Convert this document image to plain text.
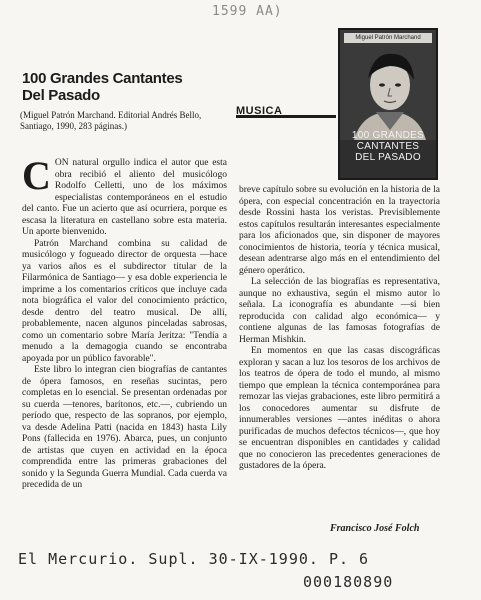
1599 AA)
100 Grandes Cantantes
Del Pasado

(Miguel Patrón Marchand. Editorial Andrés Bello, Santiago, 1990, 283 páginas.)

MUSICA
Miguel Patrón Marchand
100 GRANDES
CANTANTES
DEL PASADO

CON natural orgullo indica el autor que esta obra recibió el aliento del musicólogo Rodolfo Celletti, uno de los máximos especialistas contemporáneos en el estudio del canto. Fue un acierto que así ocurriera, porque es escasa la literatura en castellano sobre esta materia. Un aporte bienvenido.

Patrón Marchand combina su calidad de musicólogo y fogueado director de orquesta —hace ya varios años es el subdirector titular de la Filarmónica de Santiago— y esa doble experiencia le imprime a los comentarios críticos que incluye cada nota biográfica el valor del conocimiento práctico, desde dentro del teatro musical. De allí, probablemente, nacen algunos pinceladas sabrosas, como un comentario sobre María Jeritza: "Tendía a menudo a la demagogia cuando se encontraba apoyada por un público favorable".

Este libro lo integran cien biografías de cantantes de ópera famosos, en reseñas sucintas, pero completas en lo esencial. Se presentan ordenadas por su cuerda —tenores, barítonos, etc.—, cubriendo un período que, respecto de las sopranos, por ejemplo, va desde Adelina Patti (nacida en 1843) hasta Lily Pons (fallecida en 1976). Abarca, pues, un conjunto de artistas que cuyen en actividad en la época comprendida entre las primeras grabaciones del sonido y la Segunda Guerra Mundial. Cada cuerda va precedida de un

breve capítulo sobre su evolución en la historia de la ópera, con especial concentración en la trayectoria desde Rossini hasta los veristas. Previsiblemente estos capítulos resultarán interesantes especialmente para los aficionados que, sin disponer de mayores conocimientos de historia, teoría y técnica musical, desean adentrarse algo más en el entendimiento del género operático.

La selección de las biografías es representativa, aunque no exhaustiva, según el mismo autor lo señala. La iconografía es abundante —si bien reproducida con calidad algo económica— y contiene algunas de las famosas fotografías de Herman Mishkin.

En momentos en que las casas discográficas exploran y sacan a luz los tesoros de los archivos de los teatros de ópera de todo el mundo, al mismo tiempo que emplean la técnica contemporánea para remozar las viejas grabaciones, este libro permitirá a los conocedores aumentar su disfrute de innumerables versiones —antes inéditas o ahora purificadas de muchos defectos técnicos—, que hoy se encuentran disponibles en cantidades y calidad que no conocieron las precedentes generaciones de gustadores de la ópera.

Francisco José Folch
El Mercurio. Supl. 30-IX-1990. P. 6
000180890
